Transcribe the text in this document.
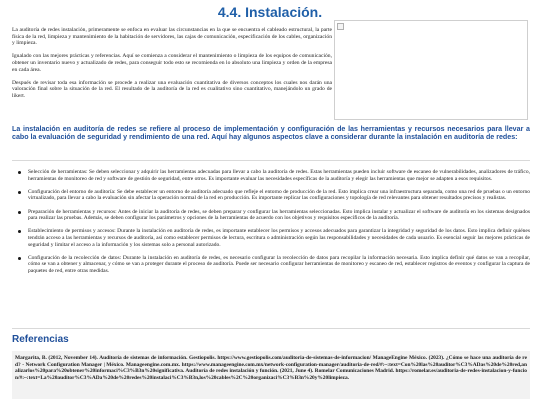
4.4. Instalación.

La auditoría de redes instalación, primeramente se enfoca en evaluar las circunstancias en la que se encuentra el cableado estructural, la parte física de la red, limpieza y mantenimiento de la habitación de servidores, las cajas de comunicación, especificación de los cables, organización y limpieza.

Igualado con las mejores prácticas y referencias. Aquí se comienza a considerar el mantenimiento o limpieza de los equipos de comunicación, obtener un inventario nuevo y actualizado de redes, para conseguir todo esto se recomienda en lo absoluto una limpieza y orden de la empresa en cada área.

Después de revisar toda esa información se procede a realizar una evaluación cuantitativa de diversos conceptos los cuales nos darán una valoración final sobre la situación de la red. El resultado de la auditoría de la red es cualitativo sino cuantitativo, manejándolo un grado de likert.

La instalación en auditoría de redes se refiere al proceso de implementación y configuración de las herramientas y recursos necesarios para llevar a cabo la evaluación de seguridad y rendimiento de una red. Aquí hay algunos aspectos clave a considerar durante la instalación en auditoría de redes:
Selección de herramientas: Se deben seleccionar y adquirir las herramientas adecuadas para llevar a cabo la auditoría de redes. Estas herramientas pueden incluir software de escaneo de vulnerabilidades, analizadores de tráfico, herramientas de monitoreo de red y software de gestión de seguridad, entre otros. Es importante evaluar las necesidades específicas de la auditoría y elegir las herramientas que mejor se adapten a esos requisitos.
Configuración del entorno de auditoría: Se debe establecer un entorno de auditoría adecuado que refleje el entorno de producción de la red. Esto implica crear una infraestructura separada, como una red de pruebas o un entorno virtualizado, para llevar a cabo la evaluación sin afectar la operación normal de la red en producción. Es importante replicar las configuraciones y topología de red relevantes para obtener resultados precisos y realistas.
Preparación de herramientas y recursos: Antes de iniciar la auditoría de redes, se deben preparar y configurar las herramientas seleccionadas. Esto implica instalar y actualizar el software de auditoría en los sistemas designados para realizar las pruebas. Además, se deben configurar los parámetros y opciones de la herramientas de acuerdo con los objetivos y requisitos específicos de la auditoría.
Establecimiento de permisos y accesos: Durante la instalación en auditoría de redes, es importante establecer los permisos y accesos adecuados para garantizar la integridad y seguridad de los datos. Esto implica definir quiénes tendrán acceso a las herramientas y recursos de auditoría, así como establecer permisos de lectura, escritura o administración según las responsabilidades y necesidades de cada usuario. Es esencial seguir las mejores prácticas de seguridad y limitar el acceso a la información y los sistemas solo a personal autorizado.
Configuración de la recolección de datos: Durante la instalación en auditoría de redes, es necesario configurar la recolección de datos para recopilar la información necesaria. Esto implica definir qué datos se van a recopilar, cómo se van a obtener y almacenar, y cómo se van a proteger durante el proceso de auditoría. Puede ser necesario configurar herramientas de monitoreo y escaneo de red, establecer registros de eventos y configurar la captura de paquetes de red, entre otras medidas.
Referencias

Margarita, B. (2012, November 14). Auditoría de sistemas de información. Gestiopolis. https://www.gestiopolis.com/auditoria-de-sistemas-de-informacion/ ManageEngine México. (2023). ¿Cómo se hace una auditoría de red? - Network Configuration Manager | México. Manageengine.com.mx. https://www.manageengine.com.mx/network-configuration-manager/auditoria-de-red/#:~:text=Con%20las%20auditor%C3%ADas%20de%20red,analizarlos%20para%20obtener%20informaci%C3%B3n%20significativa. Auditoría de redes instalación y función. (2021, June 4). Romelar Comunicaciones Madrid. https://romelar.es/auditoria-de-redes-instalacion-y-funcion/#:~:text=La%20auditor%C3%ADa%20de%20redes%20instalaci%C3%B3n,los%20cables%2C%20organizaci%C3%B3n%20y%20limpieza.
